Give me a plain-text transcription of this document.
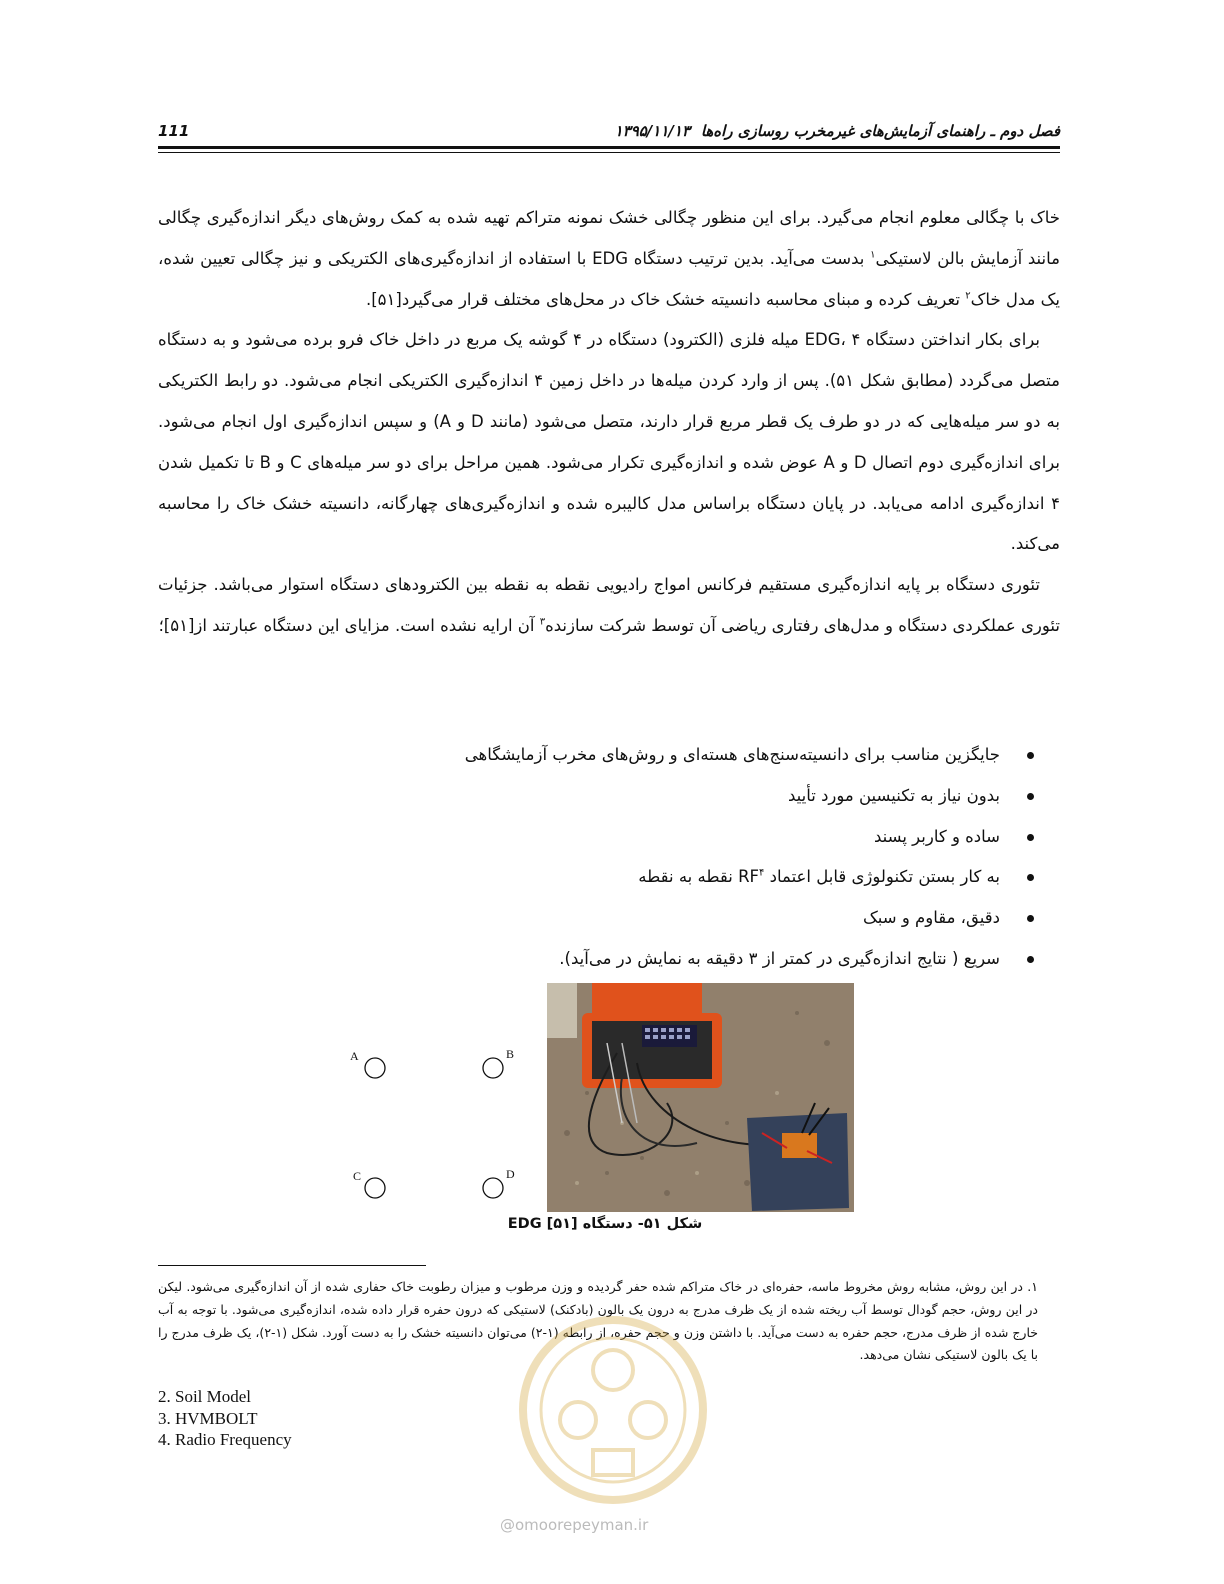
فصل دوم ـ راهنمای آزمایش‌های غیرمخرب روسازی راه‌ها
۱۳۹۵/۱۱/۱۳
111

خاک با چگالی معلوم انجام می‌گیرد. برای این منظور چگالی خشک نمونه متراکم تهیه شده به کمک روش‌های دیگر اندازه‌گیری چگالی مانند آزمایش بالن لاستیکی$^۱$ بدست می‌آید. بدین ترتیب دستگاه EDG با استفاده از اندازه‌گیری‌های الکتریکی و نیز چگالی تعیین شده، یک مدل خاک$^۲$ تعریف کرده و مبنای محاسبه دانسیته خشک خاک در محل‌های مختلف قرار می‌گیرد[۵۱].

برای بکار انداختن دستگاه EDG، ۴ میله فلزی (الکترود) دستگاه در ۴ گوشه یک مربع در داخل خاک فرو برده می‌شود و به دستگاه متصل می‌گردد (مطابق شکل ۵۱). پس از وارد کردن میله‌ها در داخل زمین ۴ اندازه‌گیری الکتریکی انجام می‌شود. دو رابط الکتریکی به دو سر میله‌هایی که در دو طرف یک قطر مربع قرار دارند، متصل می‌شود (مانند D و A) و سپس اندازه‌گیری اول انجام می‌شود. برای اندازه‌گیری دوم اتصال D و A عوض شده و اندازه‌گیری تکرار می‌شود. همین مراحل برای دو سر میله‌های C و B تا تکمیل شدن ۴ اندازه‌گیری ادامه می‌یابد. در پایان دستگاه براساس مدل کالیبره شده و اندازه‌گیری‌های چهارگانه، دانسیته خشک خاک را محاسبه می‌کند.

تئوری دستگاه بر پایه اندازه‌گیری مستقیم فرکانس امواج رادیویی نقطه به نقطه بین الکترودهای دستگاه استوار می‌باشد. جزئیات تئوری عملکردی دستگاه و مدل‌های رفتاری ریاضی آن توسط شرکت سازنده$^۳$ آن ارایه نشده است. مزایای این دستگاه عبارتند از[۵۱]؛

جایگزین مناسب برای دانسیته‌سنج‌های هسته‌ای و روش‌های مخرب آزمایشگاهی
بدون نیاز به تکنیسین مورد تأیید
ساده و کاربر پسند
به کار بستن تکنولوژی قابل اعتماد $RF^۴$ نقطه به نقطه
دقیق، مقاوم و سبک
سریع ( نتایج اندازه‌گیری در کمتر از ۳ دقیقه به نمایش در می‌آید).
A	B
C	D
شکل ۵۱- دستگاه EDG [۵۱]

۱. در این روش، مشابه روش مخروط ماسه، حفره‌ای در خاک متراکم شده حفر گردیده و وزن مرطوب و میزان رطوبت خاک حفاری شده از آن اندازه‌گیری می‌شود. لیکن در این روش، حجم گودال توسط آب ریخته شده از یک ظرف مدرج به درون یک بالون (بادکنک) لاستیکی که درون حفره قرار داده شده، اندازه‌گیری می‌شود. با توجه به آب خارج شده از ظرف مدرج، حجم حفره به دست می‌آید. با داشتن وزن و حجم حفره، از رابطه (۱-۲) می‌توان دانسیته خشک را به دست آورد. شکل (۱-۲)، یک ظرف مدرج را با یک بالون لاستیکی نشان می‌دهد.

2. Soil Model
3. HVMBOLT
4. Radio Frequency
@omoorepeyman.ir
